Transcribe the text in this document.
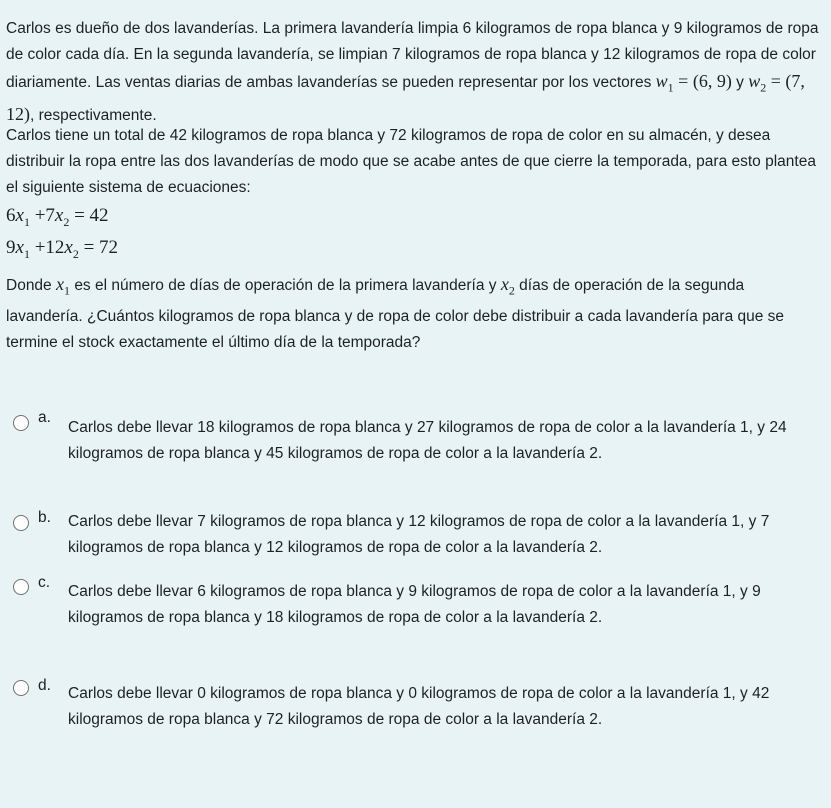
Carlos es dueño de dos lavanderías. La primera lavandería limpia 6 kilogramos de ropa blanca y 9 kilogramos de ropa de color cada día. En la segunda lavandería, se limpian 7 kilogramos de ropa blanca y 12 kilogramos de ropa de color diariamente. Las ventas diarias de ambas lavanderías se pueden representar por los vectores $w_1 = (6$, 9) y $w_2 = (7$, 12), respectivamente.

Carlos tiene un total de 42 kilogramos de ropa blanca y 72 kilogramos de ropa de color en su almacén, y desea distribuir la ropa entre las dos lavanderías de modo que se acabe antes de que cierre la temporada, para esto plantea el siguiente sistema de ecuaciones:

$6x_1 +7x_2 = 42$
$9x_1 +12x_2 = 72$

Donde $x_1$ es el número de días de operación de la primera lavandería y $x_2$ días de operación de la segunda lavandería. ¿Cuántos kilogramos de ropa blanca y de ropa de color debe distribuir a cada lavandería para que se termine el stock exactamente el último día de la temporada?

a.
Carlos debe llevar 18 kilogramos de ropa blanca y 27 kilogramos de ropa de color a la lavandería 1, y 24 kilogramos de ropa blanca y 45 kilogramos de ropa de color a la lavandería 2.
b. Carlos debe llevar 7 kilogramos de ropa blanca y 12 kilogramos de ropa de color a la lavandería 1, y 7 kilogramos de ropa blanca y 12 kilogramos de ropa de color a la lavandería 2.
c.
Carlos debe llevar 6 kilogramos de ropa blanca y 9 kilogramos de ropa de color a la lavandería 1, y 9 kilogramos de ropa blanca y 18 kilogramos de ropa de color a la lavandería 2.
d. Carlos debe llevar 0 kilogramos de ropa blanca y 0 kilogramos de ropa de color a la lavandería 1, y 42 kilogramos de ropa blanca y 72 kilogramos de ropa de color a la lavandería 2.
